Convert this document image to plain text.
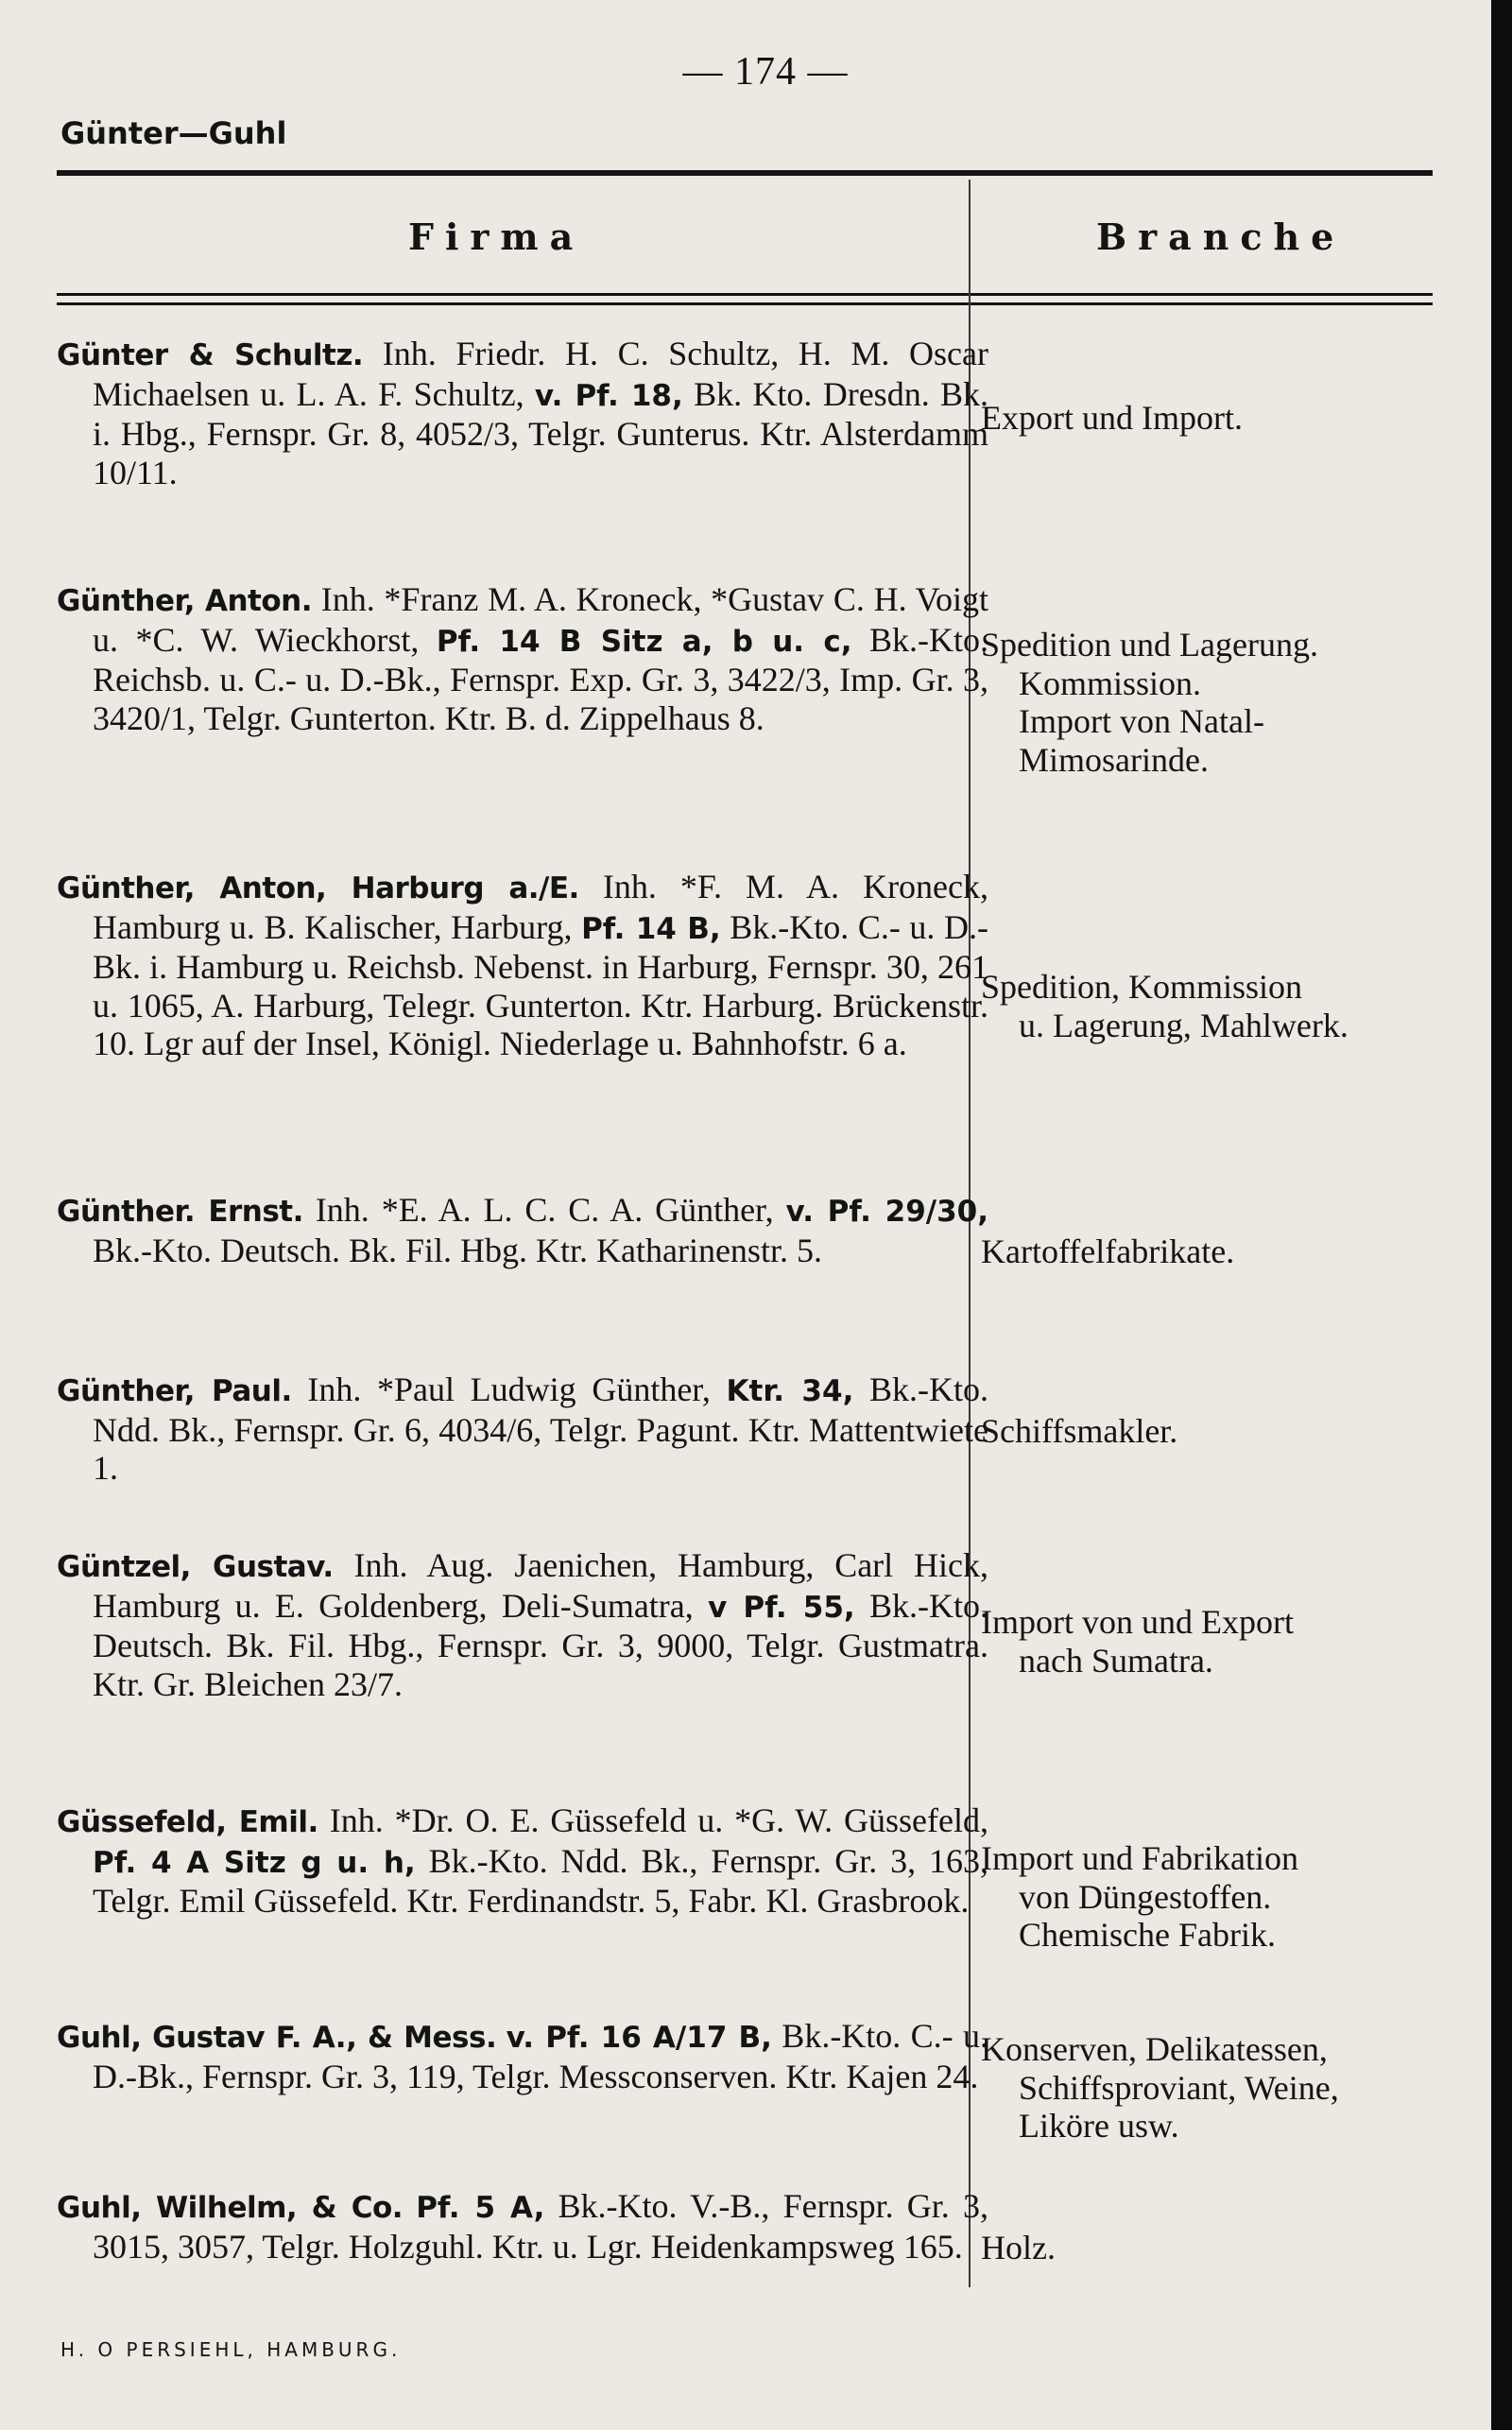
— 174 —
Günter—Guhl
Firma	Branche
Günter & Schultz. Inh. Friedr. H. C. Schultz, H. M. Oscar Michaelsen u. L. A. F. Schultz, v. Pf. 18, Bk. Kto. Dresdn. Bk. i. Hbg., Fernspr. Gr. 8, 4052/3, Telgr. Gunterus. Ktr. Alsterdamm 10/11.
Export und Import.
Günther, Anton. Inh. *Franz M. A. Kroneck, *Gustav C. H. Voigt u. *C. W. Wieckhorst, Pf. 14 B Sitz a, b u. c, Bk.-Kto. Reichsb. u. C.- u. D.-Bk., Fernspr. Exp. Gr. 3, 3422/3, Imp. Gr. 3, 3420/1, Telgr. Gunterton. Ktr. B. d. Zippelhaus 8.
Spedition und Lagerung.
Kommission.
Import von Natal-
Mimosarinde.
Günther, Anton, Harburg a./E. Inh. *F. M. A. Kroneck, Hamburg u. B. Kalischer, Harburg, Pf. 14 B, Bk.-Kto. C.- u. D.-Bk. i. Hamburg u. Reichsb. Nebenst. in Harburg, Fernspr. 30, 261 u. 1065, A. Harburg, Telegr. Gunterton. Ktr. Harburg. Brückenstr. 10. Lgr auf der Insel, Königl. Niederlage u. Bahnhofstr. 6 a.
Spedition, Kommission
u. Lagerung, Mahlwerk.
Günther. Ernst. Inh. *E. A. L. C. C. A. Günther, v. Pf. 29/30, Bk.-Kto. Deutsch. Bk. Fil. Hbg. Ktr. Katharinenstr. 5.	Kartoffelfabrikate.
Günther, Paul. Inh. *Paul Ludwig Günther, Ktr. 34, Bk.-Kto. Ndd. Bk., Fernspr. Gr. 6, 4034/6, Telgr. Pagunt. Ktr. Mattentwiete 1.
Schiffsmakler.
Güntzel, Gustav. Inh. Aug. Jaenichen, Hamburg, Carl Hick, Hamburg u. E. Goldenberg, Deli-Sumatra, v Pf. 55, Bk.-Kto. Deutsch. Bk. Fil. Hbg., Fernspr. Gr. 3, 9000, Telgr. Gustmatra. Ktr. Gr. Bleichen 23/7.
Import von und Export
nach Sumatra.
Güssefeld, Emil. Inh. *Dr. O. E. Güssefeld u. *G. W. Güssefeld, Pf. 4 A Sitz g u. h, Bk.-Kto. Ndd. Bk., Fernspr. Gr. 3, 163, Telgr. Emil Güssefeld. Ktr. Ferdinandstr. 5, Fabr. Kl. Grasbrook.
Import und Fabrikation
von Düngestoffen.
Chemische Fabrik.
Guhl, Gustav F. A., & Mess. v. Pf. 16 A/17 B, Bk.-Kto. C.- u. D.-Bk., Fernspr. Gr. 3, 119, Telgr. Messconserven. Ktr. Kajen 24.
Konserven, Delikatessen,
Schiffsproviant, Weine,
Liköre usw.
Guhl, Wilhelm, & Co. Pf. 5 A, Bk.-Kto. V.-B., Fernspr. Gr. 3, 3015, 3057, Telgr. Holzguhl. Ktr. u. Lgr. Heidenkampsweg 165. Holz.
H. O PERSIEHL, HAMBURG.
